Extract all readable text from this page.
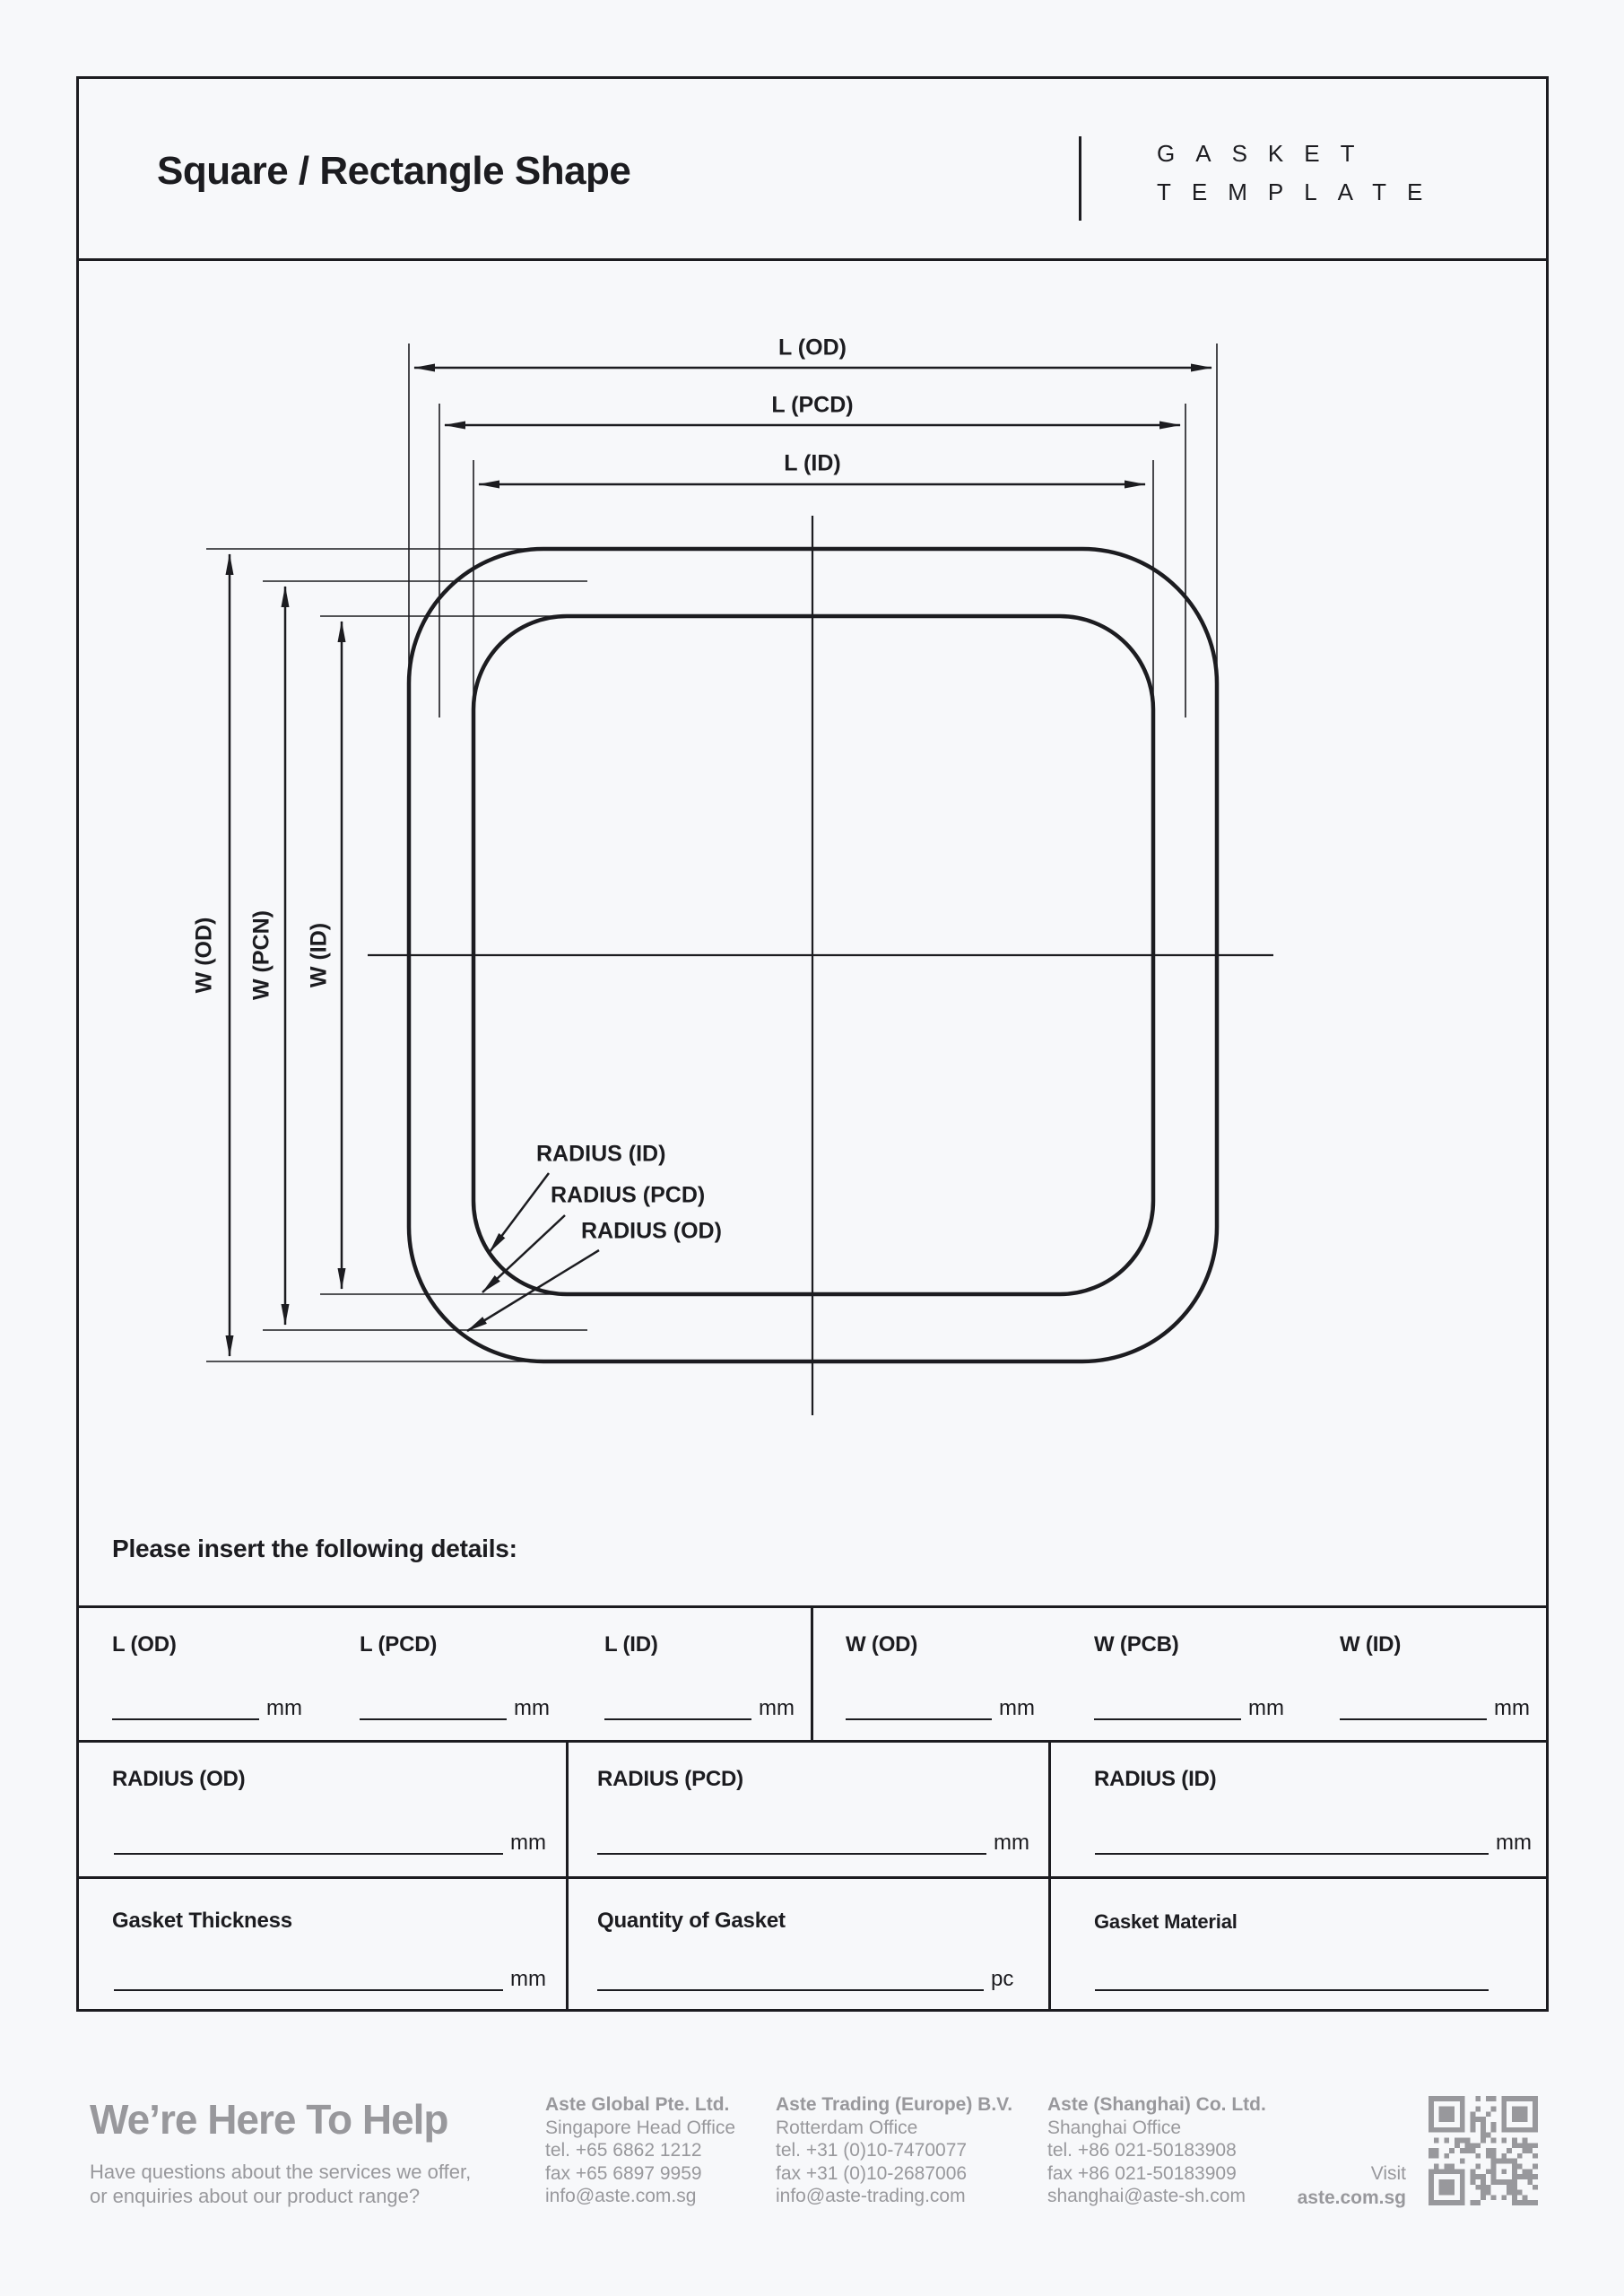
Square / Rectangle Shape	GASKET
TEMPLATE
L (OD)
L (PCD)
L (ID)
W (OD) W (PCN) W (ID)
RADIUS (ID)
RADIUS (PCD)
RADIUS (OD)
Please insert the following details:
L (OD)
mm
L (PCD)
mm
L (ID)
mm
W (OD)
mm
W (PCB)
mm
W (ID)
mm
RADIUS (OD)
mm
RADIUS (PCD)
mm
RADIUS (ID)
mm
Gasket Thickness
mm
Quantity of Gasket
pc
Gasket Material
We’re Here To Help
Have questions about the services we offer,
or enquiries about our product range?
Aste Global Pte. Ltd.
Singapore Head Office
tel. +65 6862 1212
fax +65 6897 9959
info@aste.com.sg
Aste Trading (Europe) B.V.
Rotterdam Office
tel. +31 (0)10-7470077
fax +31 (0)10-2687006
info@aste-trading.com
Aste (Shanghai) Co. Ltd.
Shanghai Office
tel. +86 021-50183908
fax +86 021-50183909
shanghai@aste-sh.com
Visit
aste.com.sg
